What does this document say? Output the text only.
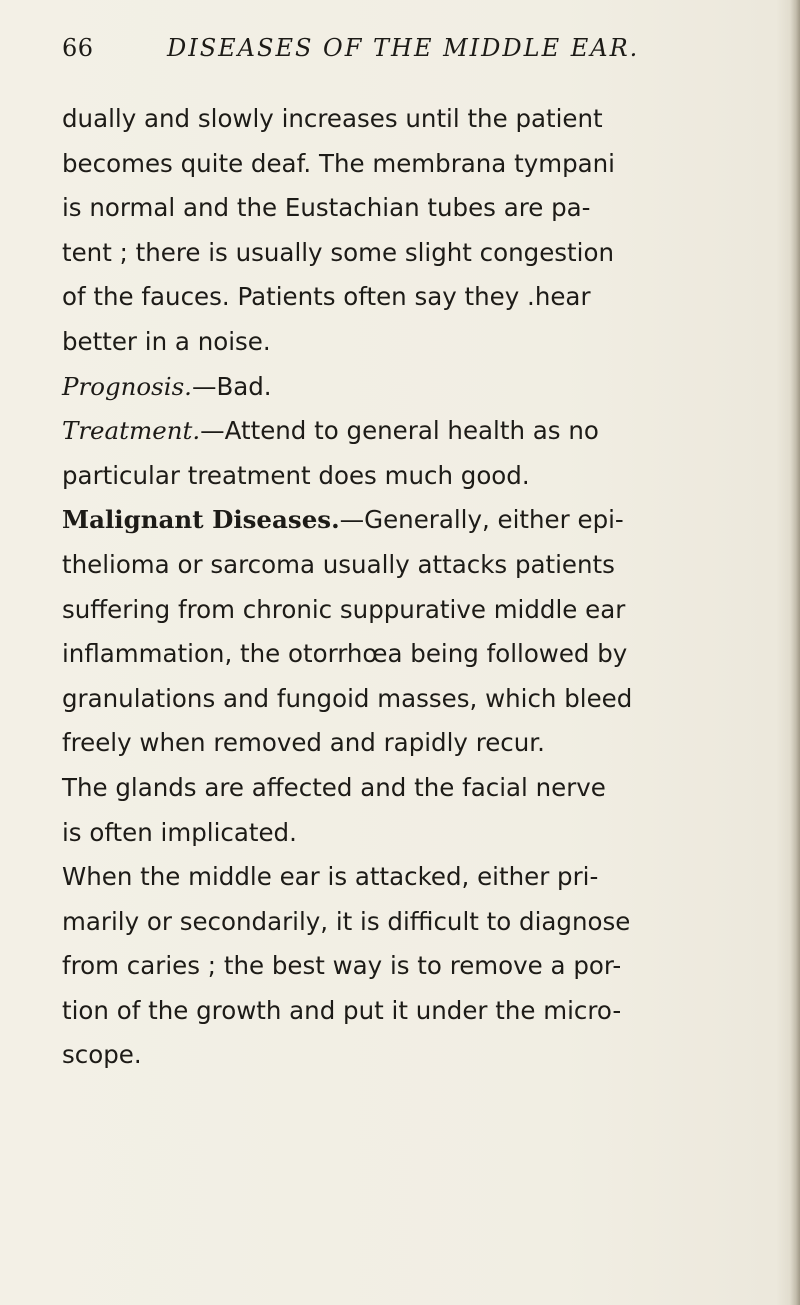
66	DISEASES OF THE MIDDLE EAR.
dually and slowly increases until the patient
becomes quite deaf. The membrana tympani
is normal and the Eustachian tubes are pa-
tent ; there is usually some slight congestion
of the fauces. Patients often say they .hear
better in a noise.
Prognosis.—Bad.
Treatment.—Attend to general health as no
particular treatment does much good.
Malignant Diseases.—Generally, either epi-
thelioma or sarcoma usually attacks patients
suffering from chronic suppurative middle ear
inflammation, the otorrhœa being followed by
granulations and fungoid masses, which bleed
freely when removed and rapidly recur.
The glands are affected and the facial nerve
is often implicated.
When the middle ear is attacked, either pri-
marily or secondarily, it is difficult to diagnose
from caries ; the best way is to remove a por-
tion of the growth and put it under the micro-
scope.
